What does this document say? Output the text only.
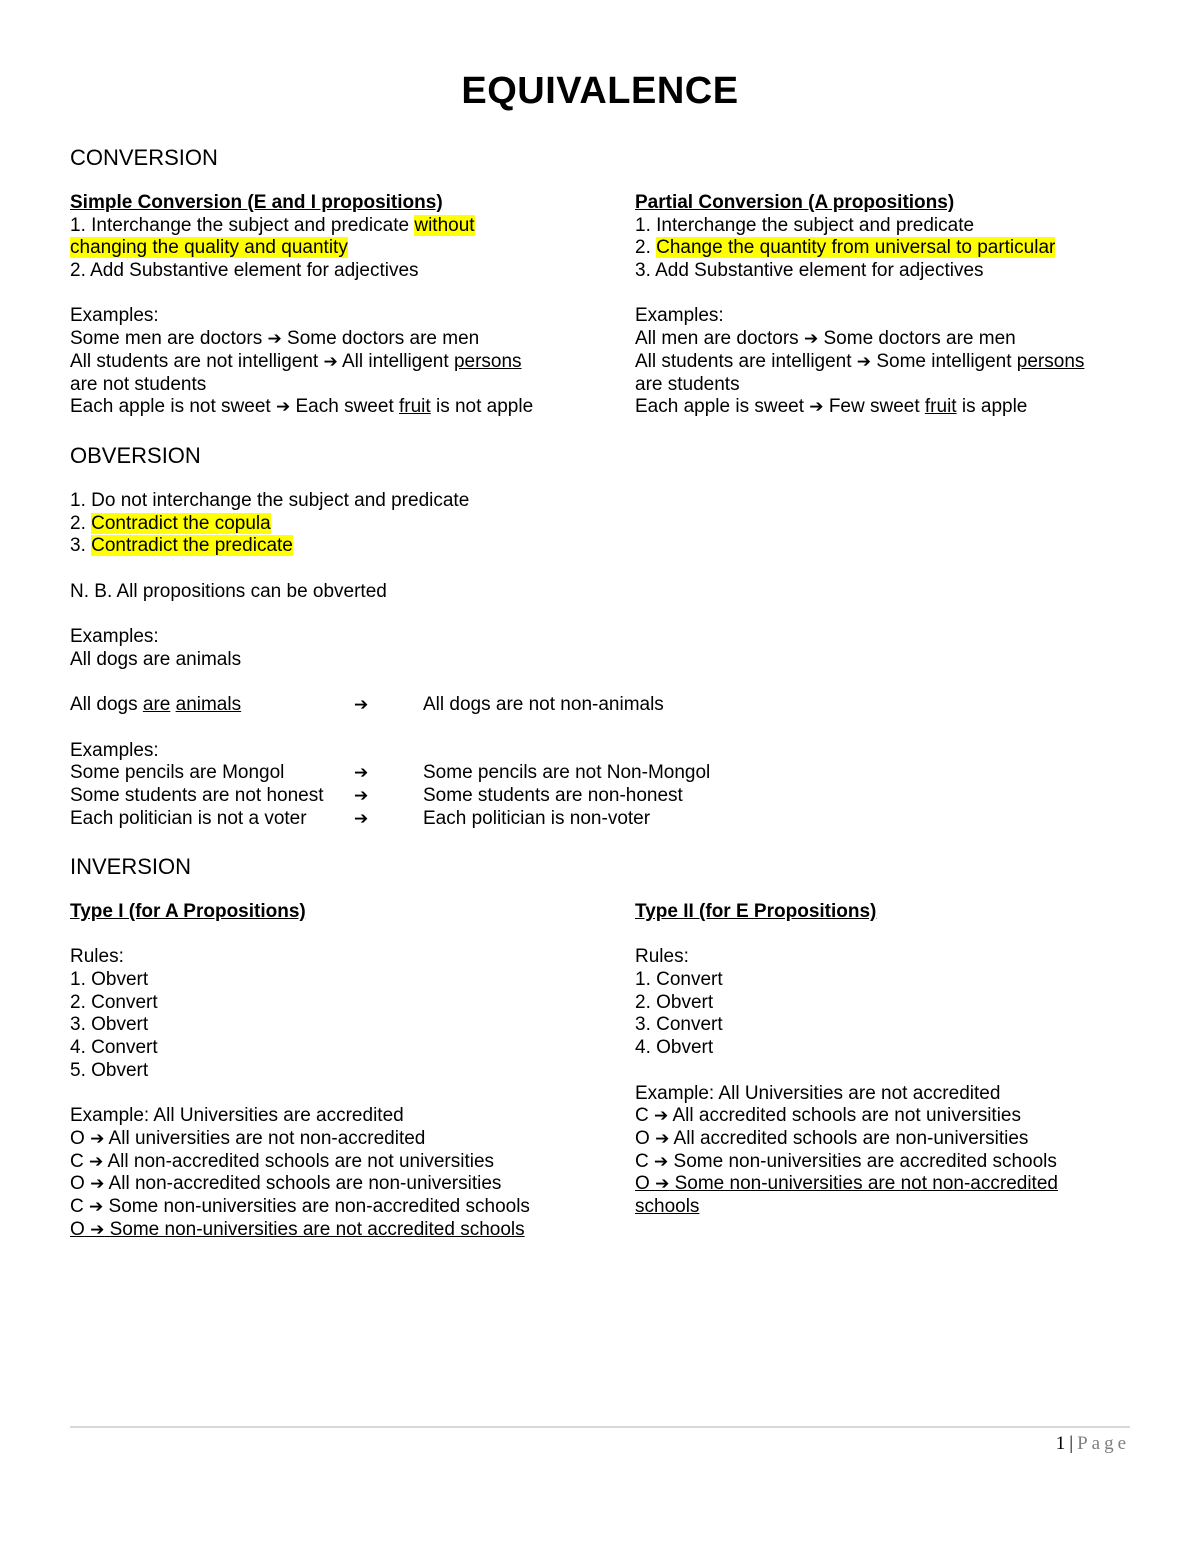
EQUIVALENCE
CONVERSION
Simple Conversion (E and I propositions)
1. Interchange the subject and predicate without
changing the quality and quantity
2. Add Substantive element for adjectives
Examples:
Some men are doctors ➔ Some doctors are men
All students are not intelligent ➔ All intelligent persons
are not students
Each apple is not sweet ➔ Each sweet fruit is not apple
Partial Conversion (A propositions)
1. Interchange the subject and predicate
2. Change the quantity from universal to particular
3. Add Substantive element for adjectives
Examples:
All men are doctors ➔ Some doctors are men
All students are intelligent ➔ Some intelligent persons
are students
Each apple is sweet ➔ Few sweet fruit is apple
OBVERSION
1. Do not interchange the subject and predicate
2. Contradict the copula
3. Contradict the predicate
N. B. All propositions can be obverted
Examples:
All dogs are animals
All dogs are animals	➔	All dogs are not non-animals
Examples:
Some pencils are Mongol	➔	Some pencils are not Non-Mongol
Some students are not honest ➔	Some students are non-honest
Each politician is not a voter	➔	Each politician is non-voter
INVERSION
Type I (for A Propositions)
Rules:
1. Obvert
2. Convert
3. Obvert
4. Convert
5. Obvert
Example: All Universities are accredited
O ➔ All universities are not non-accredited
C ➔ All non-accredited schools are not universities
O ➔ All non-accredited schools are non-universities
C ➔ Some non-universities are non-accredited schools
O ➔ Some non-universities are not accredited schools
Type II (for E Propositions)
Rules:
1. Convert
2. Obvert
3. Convert
4. Obvert
Example: All Universities are not accredited
C ➔ All accredited schools are not universities
O ➔ All accredited schools are non-universities
C ➔ Some non-universities are accredited schools
O ➔ Some non-universities are not non-accredited
schools
1 | Page
